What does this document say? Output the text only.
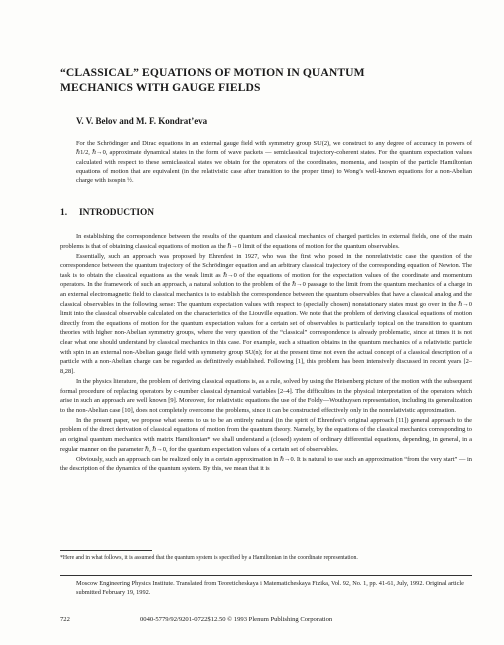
“CLASSICAL” EQUATIONS OF MOTION IN QUANTUM
MECHANICS WITH GAUGE FIELDS
V. V. Belov and M. F. Kondrat’eva
For the Schrödinger and Dirac equations in an external gauge field with symmetry group SU(2), we construct to any degree of accuracy in powers of ℏ1/2, ℏ→0, approximate dynamical states in the form of wave packets — semiclassical trajectory-coherent states. For the quantum expectation values calculated with respect to these semiclassical states we obtain for the operators of the coordinates, momenta, and isospin of the particle Hamiltonian equations of motion that are equivalent (in the relativistic case after transition to the proper time) to Wong’s well-known equations for a non-Abelian charge with isospin ½.
1. INTRODUCTION

In establishing the correspondence between the results of the quantum and classical mechanics of charged particles in external fields, one of the main problems is that of obtaining classical equations of motion as the ℏ→0 limit of the equations of motion for the quantum observables.

Essentially, such an approach was proposed by Ehrenfest in 1927, who was the first who posed in the nonrelativistic case the question of the correspondence between the quantum trajectory of the Schrödinger equation and an arbitrary classical trajectory of the corresponding equation of Newton. The task is to obtain the classical equations as the weak limit as ℏ→0 of the equations of motion for the expectation values of the coordinate and momentum operators. In the framework of such an approach, a natural solution to the problem of the ℏ→0 passage to the limit from the quantum mechanics of a charge in an external electromagnetic field to classical mechanics is to establish the correspondence between the quantum observables that have a classical analog and the classical observables in the following sense: The quantum expectation values with respect to (specially chosen) nonstationary states must go over in the ℏ→0 limit into the classical observable calculated on the characteristics of the Liouville equation. We note that the problem of deriving classical equations of motion directly from the equations of motion for the quantum expectation values for a certain set of observables is particularly topical on the transition to quantum theories with higher non-Abelian symmetry groups, where the very question of the “classical” correspondence is already problematic, since at times it is not clear what one should understand by classical mechanics in this case. For example, such a situation obtains in the quantum mechanics of a relativistic particle with spin in an external non-Abelian gauge field with symmetry group SU(n); for at the present time not even the actual concept of a classical description of a particle with a non-Abelian charge can be regarded as definitively established. Following [1], this problem has been intensively discussed in recent years [2–8,28].

In the physics literature, the problem of deriving classical equations is, as a rule, solved by using the Heisenberg picture of the motion with the subsequent formal procedure of replacing operators by c-number classical dynamical variables [2–4]. The difficulties in the physical interpretation of the operators which arise in such an approach are well known [9]. Moreover, for relativistic equations the use of the Foldy—Wouthuysen representation, including its generalization to the non-Abelian case [10], does not completely overcome the problems, since it can be constructed effectively only in the nonrelativistic approximation.

In the present paper, we propose what seems to us to be an entirely natural (in the spirit of Ehrenfest’s original approach [11]) general approach to the problem of the direct derivation of classical equations of motion from the quantum theory. Namely, by the equations of the classical mechanics corresponding to an original quantum mechanics with matrix Hamiltonian* we shall understand a (closed) system of ordinary differential equations, depending, in general, in a regular manner on the parameter ℏ, ℏ→0, for the quantum expectation values of a certain set of observables.

Obviously, such an approach can be realized only in a certain approximation in ℏ→0. It is natural to use such an approximation “from the very start” — in the description of the dynamics of the quantum system. By this, we mean that it is

*Here and in what follows, it is assumed that the quantum system is specified by a Hamiltonian in the coordinate representation.
Moscow Engineering Physics Institute. Translated from Teoreticheskaya i Matematicheskaya Fizika, Vol. 92, No. 1, pp. 41-61, July, 1992. Original article submitted February 19, 1992.
722	0040-5779/92/9201-0722$12.50 © 1993 Plenum Publishing Corporation
